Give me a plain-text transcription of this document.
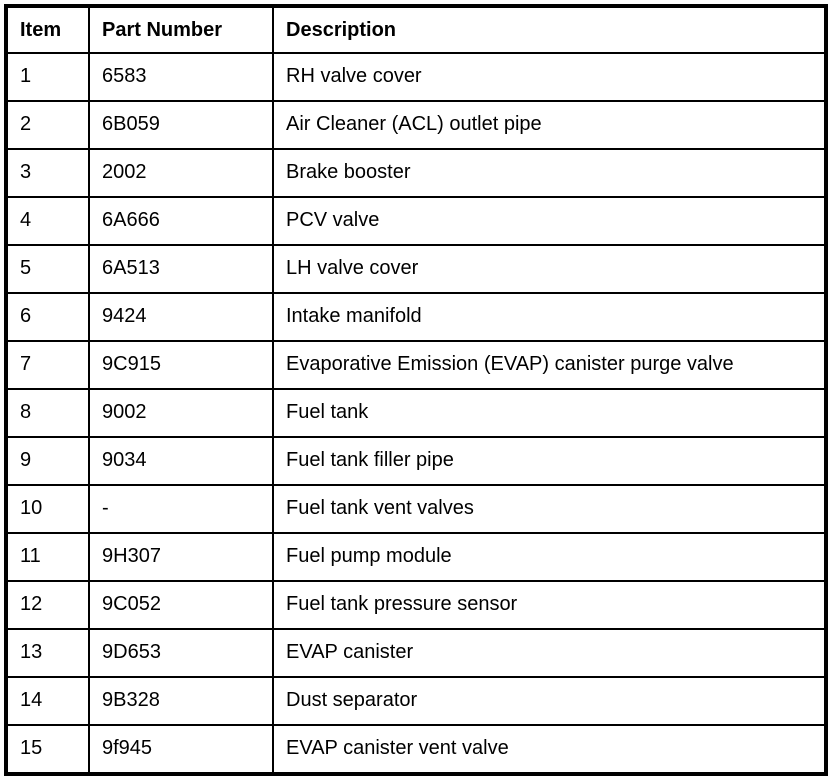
Item	Part Number	Description
1	6583	RH valve cover
2	6B059	Air Cleaner (ACL) outlet pipe
3	2002	Brake booster
4	6A666	PCV valve
5	6A513	LH valve cover
6	9424	Intake manifold
7	9C915	Evaporative Emission (EVAP) canister purge valve
8	9002	Fuel tank
9	9034	Fuel tank filler pipe
10	-	Fuel tank vent valves
11	9H307	Fuel pump module
12	9C052	Fuel tank pressure sensor
13	9D653	EVAP canister
14	9B328	Dust separator
15	9f945	EVAP canister vent valve
